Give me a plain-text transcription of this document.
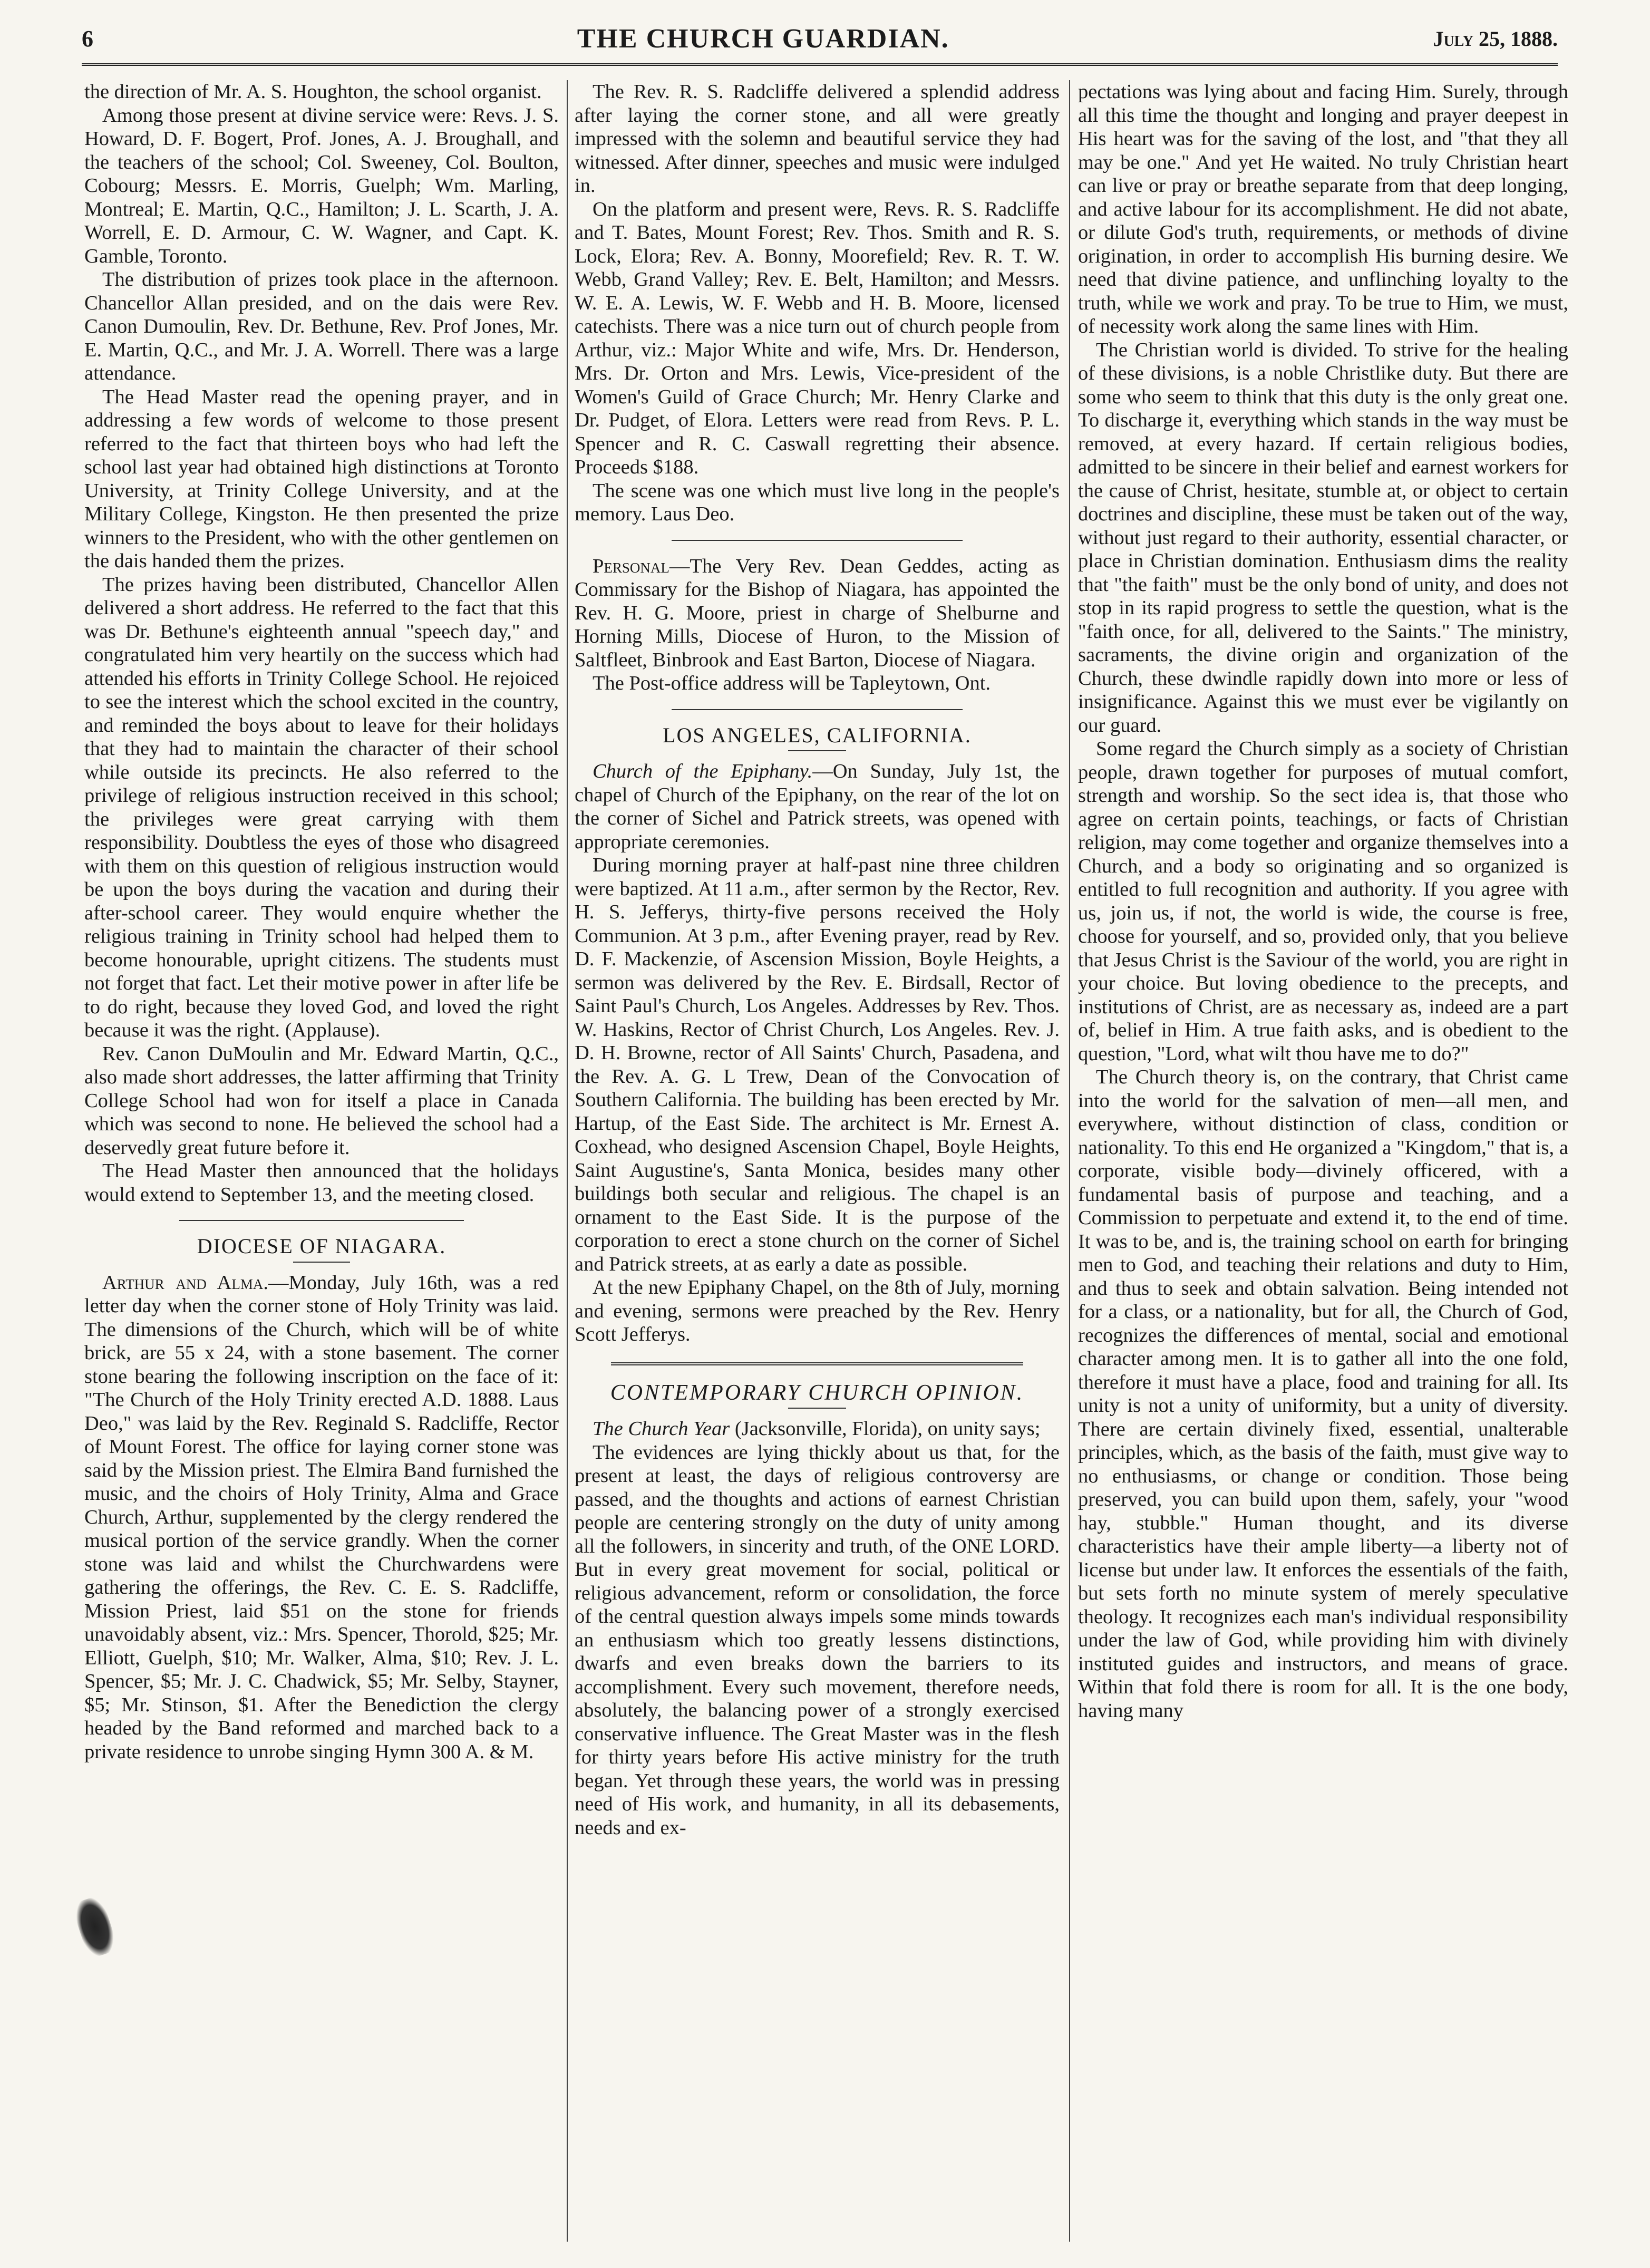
6	THE CHURCH GUARDIAN.	July 25, 1888.

the direction of Mr. A. S. Houghton, the school organist.

Among those present at divine service were: Revs. J. S. Howard, D. F. Bogert, Prof. Jones, A. J. Broughall, and the teachers of the school; Col. Sweeney, Col. Boulton, Cobourg; Messrs. E. Morris, Guelph; Wm. Marling, Montreal; E. Martin, Q.C., Hamilton; J. L. Scarth, J. A. Worrell, E. D. Armour, C. W. Wagner, and Capt. K. Gamble, Toronto.

The distribution of prizes took place in the afternoon. Chancellor Allan presided, and on the dais were Rev. Canon Dumoulin, Rev. Dr. Bethune, Rev. Prof Jones, Mr. E. Martin, Q.C., and Mr. J. A. Worrell. There was a large attendance.

The Head Master read the opening prayer, and in addressing a few words of welcome to those present referred to the fact that thirteen boys who had left the school last year had obtained high distinctions at Toronto University, at Trinity College University, and at the Military College, Kingston. He then presented the prize winners to the President, who with the other gentlemen on the dais handed them the prizes.

The prizes having been distributed, Chancellor Allen delivered a short address. He referred to the fact that this was Dr. Bethune's eighteenth annual "speech day," and congratulated him very heartily on the success which had attended his efforts in Trinity College School. He rejoiced to see the interest which the school excited in the country, and reminded the boys about to leave for their holidays that they had to maintain the character of their school while outside its precincts. He also referred to the privilege of religious instruction received in this school; the privileges were great carrying with them responsibility. Doubtless the eyes of those who disagreed with them on this question of religious instruction would be upon the boys during the vacation and during their after-school career. They would enquire whether the religious training in Trinity school had helped them to become honourable, upright citizens. The students must not forget that fact. Let their motive power in after life be to do right, because they loved God, and loved the right because it was the right. (Applause).

Rev. Canon DuMoulin and Mr. Edward Martin, Q.C., also made short addresses, the latter affirming that Trinity College School had won for itself a place in Canada which was second to none. He believed the school had a deservedly great future before it.

The Head Master then announced that the holidays would extend to September 13, and the meeting closed.

DIOCESE OF NIAGARA.

Arthur and Alma.—Monday, July 16th, was a red letter day when the corner stone of Holy Trinity was laid. The dimensions of the Church, which will be of white brick, are 55 x 24, with a stone basement. The corner stone bearing the following inscription on the face of it: "The Church of the Holy Trinity erected A.D. 1888. Laus Deo," was laid by the Rev. Reginald S. Radcliffe, Rector of Mount Forest. The office for laying corner stone was said by the Mission priest. The Elmira Band furnished the music, and the choirs of Holy Trinity, Alma and Grace Church, Arthur, supplemented by the clergy rendered the musical portion of the service grandly. When the corner stone was laid and whilst the Churchwardens were gathering the offerings, the Rev. C. E. S. Radcliffe, Mission Priest, laid $51 on the stone for friends unavoidably absent, viz.: Mrs. Spencer, Thorold, $25; Mr. Elliott, Guelph, $10; Mr. Walker, Alma, $10; Rev. J. L. Spencer, $5; Mr. J. C. Chadwick, $5; Mr. Selby, Stayner, $5; Mr. Stinson, $1. After the Benediction the clergy headed by the Band reformed and marched back to a private residence to unrobe singing Hymn 300 A. & M.

The Rev. R. S. Radcliffe delivered a splendid address after laying the corner stone, and all were greatly impressed with the solemn and beautiful service they had witnessed. After dinner, speeches and music were indulged in.

On the platform and present were, Revs. R. S. Radcliffe and T. Bates, Mount Forest; Rev. Thos. Smith and R. S. Lock, Elora; Rev. A. Bonny, Moorefield; Rev. R. T. W. Webb, Grand Valley; Rev. E. Belt, Hamilton; and Messrs. W. E. A. Lewis, W. F. Webb and H. B. Moore, licensed catechists. There was a nice turn out of church people from Arthur, viz.: Major White and wife, Mrs. Dr. Henderson, Mrs. Dr. Orton and Mrs. Lewis, Vice-president of the Women's Guild of Grace Church; Mr. Henry Clarke and Dr. Pudget, of Elora. Letters were read from Revs. P. L. Spencer and R. C. Caswall regretting their absence. Proceeds $188.

The scene was one which must live long in the people's memory. Laus Deo.

Personal—The Very Rev. Dean Geddes, acting as Commissary for the Bishop of Niagara, has appointed the Rev. H. G. Moore, priest in charge of Shelburne and Horning Mills, Diocese of Huron, to the Mission of Saltfleet, Binbrook and East Barton, Diocese of Niagara.

The Post-office address will be Tapleytown, Ont.

LOS ANGELES, CALIFORNIA.

Church of the Epiphany.—On Sunday, July 1st, the chapel of Church of the Epiphany, on the rear of the lot on the corner of Sichel and Patrick streets, was opened with appropriate ceremonies.

During morning prayer at half-past nine three children were baptized. At 11 a.m., after sermon by the Rector, Rev. H. S. Jefferys, thirty-five persons received the Holy Communion. At 3 p.m., after Evening prayer, read by Rev. D. F. Mackenzie, of Ascension Mission, Boyle Heights, a sermon was delivered by the Rev. E. Birdsall, Rector of Saint Paul's Church, Los Angeles. Addresses by Rev. Thos. W. Haskins, Rector of Christ Church, Los Angeles. Rev. J. D. H. Browne, rector of All Saints' Church, Pasadena, and the Rev. A. G. L Trew, Dean of the Convocation of Southern California. The building has been erected by Mr. Hartup, of the East Side. The architect is Mr. Ernest A. Coxhead, who designed Ascension Chapel, Boyle Heights, Saint Augustine's, Santa Monica, besides many other buildings both secular and religious. The chapel is an ornament to the East Side. It is the purpose of the corporation to erect a stone church on the corner of Sichel and Patrick streets, at as early a date as possible.

At the new Epiphany Chapel, on the 8th of July, morning and evening, sermons were preached by the Rev. Henry Scott Jefferys.

CONTEMPORARY CHURCH OPINION.

The Church Year (Jacksonville, Florida), on unity says;

The evidences are lying thickly about us that, for the present at least, the days of religious controversy are passed, and the thoughts and actions of earnest Christian people are centering strongly on the duty of unity among all the followers, in sincerity and truth, of the ONE LORD. But in every great movement for social, political or religious advancement, reform or consolidation, the force of the central question always impels some minds towards an enthusiasm which too greatly lessens distinctions, dwarfs and even breaks down the barriers to its accomplishment. Every such movement, therefore needs, absolutely, the balancing power of a strongly exercised conservative influence. The Great Master was in the flesh for thirty years before His active ministry for the truth began. Yet through these years, the world was in pressing need of His work, and humanity, in all its debasements, needs and ex-

pectations was lying about and facing Him. Surely, through all this time the thought and longing and prayer deepest in His heart was for the saving of the lost, and "that they all may be one." And yet He waited. No truly Christian heart can live or pray or breathe separate from that deep longing, and active labour for its accomplishment. He did not abate, or dilute God's truth, requirements, or methods of divine origination, in order to accomplish His burning desire. We need that divine patience, and unflinching loyalty to the truth, while we work and pray. To be true to Him, we must, of necessity work along the same lines with Him.

The Christian world is divided. To strive for the healing of these divisions, is a noble Christlike duty. But there are some who seem to think that this duty is the only great one. To discharge it, everything which stands in the way must be removed, at every hazard. If certain religious bodies, admitted to be sincere in their belief and earnest workers for the cause of Christ, hesitate, stumble at, or object to certain doctrines and discipline, these must be taken out of the way, without just regard to their authority, essential character, or place in Christian domination. Enthusiasm dims the reality that "the faith" must be the only bond of unity, and does not stop in its rapid progress to settle the question, what is the "faith once, for all, delivered to the Saints." The ministry, sacraments, the divine origin and organization of the Church, these dwindle rapidly down into more or less of insignificance. Against this we must ever be vigilantly on our guard.

Some regard the Church simply as a society of Christian people, drawn together for purposes of mutual comfort, strength and worship. So the sect idea is, that those who agree on certain points, teachings, or facts of Christian religion, may come together and organize themselves into a Church, and a body so originating and so organized is entitled to full recognition and authority. If you agree with us, join us, if not, the world is wide, the course is free, choose for yourself, and so, provided only, that you believe that Jesus Christ is the Saviour of the world, you are right in your choice. But loving obedience to the precepts, and institutions of Christ, are as necessary as, indeed are a part of, belief in Him. A true faith asks, and is obedient to the question, "Lord, what wilt thou have me to do?"

The Church theory is, on the contrary, that Christ came into the world for the salvation of men—all men, and everywhere, without distinction of class, condition or nationality. To this end He organized a "Kingdom," that is, a corporate, visible body—divinely officered, with a fundamental basis of purpose and teaching, and a Commission to perpetuate and extend it, to the end of time. It was to be, and is, the training school on earth for bringing men to God, and teaching their relations and duty to Him, and thus to seek and obtain salvation. Being intended not for a class, or a nationality, but for all, the Church of God, recognizes the differences of mental, social and emotional character among men. It is to gather all into the one fold, therefore it must have a place, food and training for all. Its unity is not a unity of uniformity, but a unity of diversity. There are certain divinely fixed, essential, unalterable principles, which, as the basis of the faith, must give way to no enthusiasms, or change or condition. Those being preserved, you can build upon them, safely, your "wood hay, stubble." Human thought, and its diverse characteristics have their ample liberty—a liberty not of license but under law. It enforces the essentials of the faith, but sets forth no minute system of merely speculative theology. It recognizes each man's individual responsibility under the law of God, while providing him with divinely instituted guides and instructors, and means of grace. Within that fold there is room for all. It is the one body, having many
